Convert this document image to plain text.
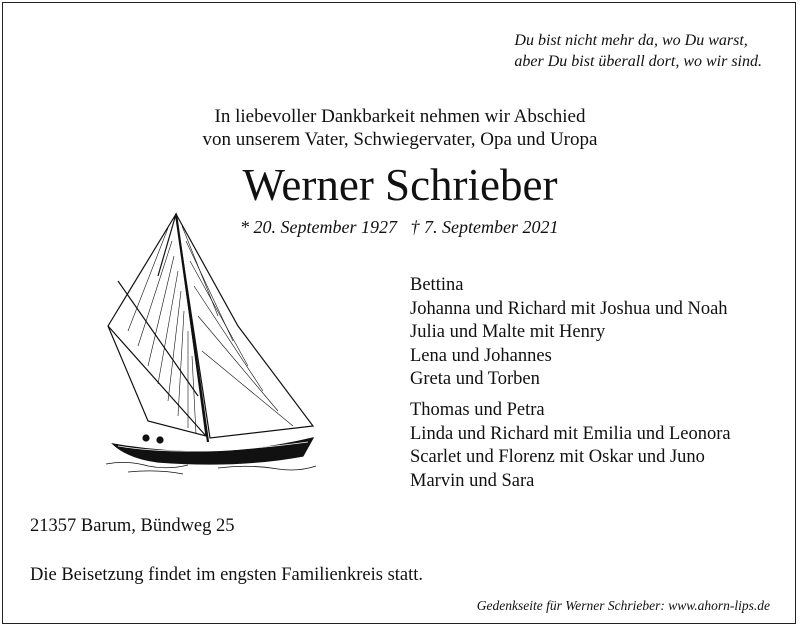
Du bist nicht mehr da, wo Du warst,
aber Du bist überall dort, wo wir sind.
In liebevoller Dankbarkeit nehmen wir Abschied
von unserem Vater, Schwiegervater, Opa und Uropa
Werner Schrieber
* 20. September 1927   † 7. September 2021
Bettina
Johanna und Richard mit Joshua und Noah
Julia und Malte mit Henry
Lena und Johannes
Greta und Torben
Thomas und Petra
Linda und Richard mit Emilia und Leonora
Scarlet und Florenz mit Oskar und Juno
Marvin und Sara
21357 Barum, Bündweg 25
Die Beisetzung findet im engsten Familienkreis statt.
Gedenkseite für Werner Schrieber: www.ahorn-lips.de
